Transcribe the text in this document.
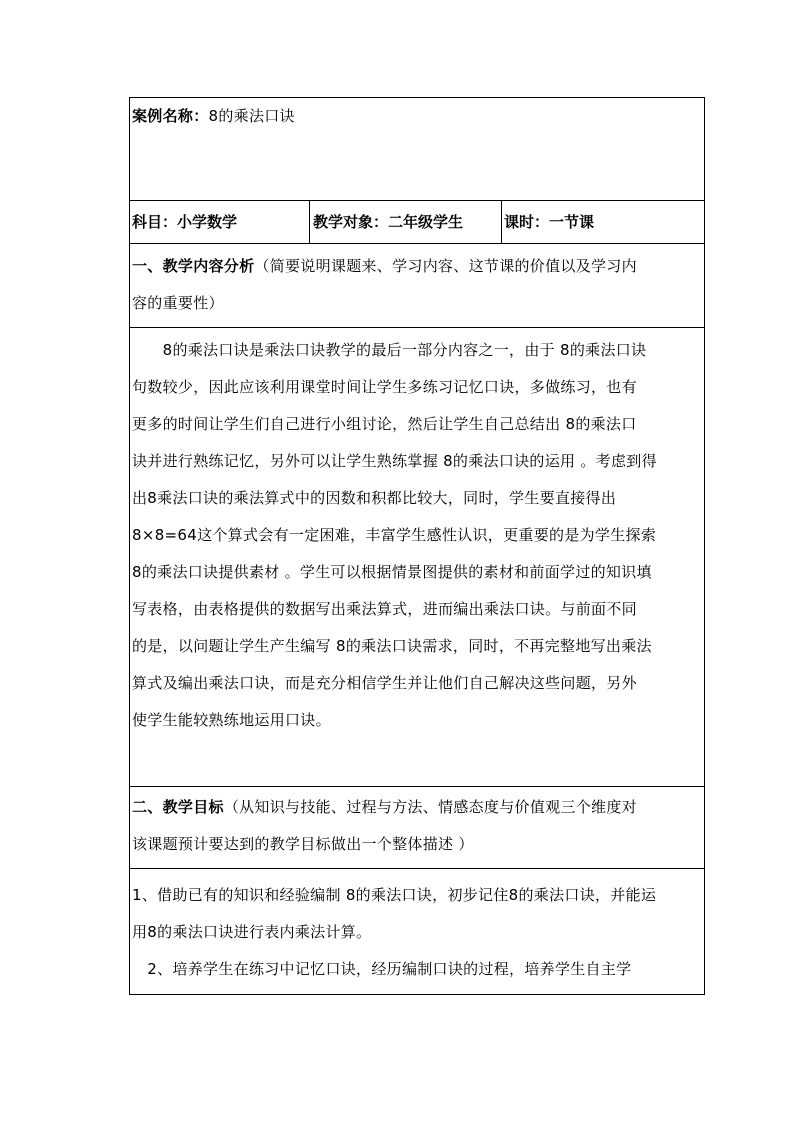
案例名称：8的乘法口诀
科目：小学数学	教学对象：二年级学生	课时：一节课
一、教学内容分析（简要说明课题来、学习内容、这节课的价值以及学习内
容的重要性）
　　8的乘法口诀是乘法口诀教学的最后一部分内容之一，由于 8的乘法口诀
句数较少，因此应该利用课堂时间让学生多练习记忆口诀，多做练习，也有
更多的时间让学生们自己进行小组讨论，然后让学生自己总结出 8的乘法口
诀并进行熟练记忆，另外可以让学生熟练掌握 8的乘法口诀的运用 。考虑到得
出8乘法口诀的乘法算式中的因数和积都比较大，同时，学生要直接得出
8×8=64这个算式会有一定困难，丰富学生感性认识，更重要的是为学生探索
8的乘法口诀提供素材 。学生可以根据情景图提供的素材和前面学过的知识填
写表格，由表格提供的数据写出乘法算式，进而编出乘法口诀。与前面不同
的是，以问题让学生产生编写 8的乘法口诀需求，同时，不再完整地写出乘法
算式及编出乘法口诀，而是充分相信学生并让他们自己解决这些问题，另外
使学生能较熟练地运用口诀。
二、教学目标（从知识与技能、过程与方法、情感态度与价值观三个维度对
该课题预计要达到的教学目标做出一个整体描述 ）
1、借助已有的知识和经验编制 8的乘法口诀，初步记住8的乘法口诀，并能运
用8的乘法口诀进行表内乘法计算。
　2、培养学生在练习中记忆口诀，经历编制口诀的过程，培养学生自主学
